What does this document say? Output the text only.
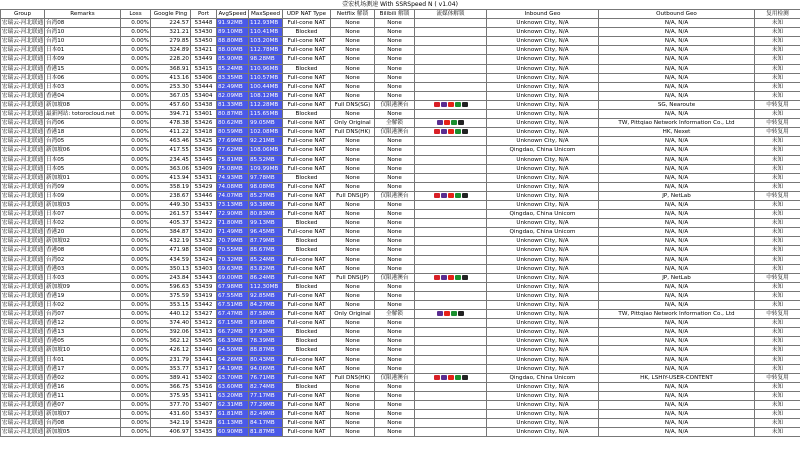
壹宏机场测速 With SSRSpeed N ( v1.04)
Group	Remarks	Loss	Google Ping	Port	AvgSpeed	MaxSpeed	UDP NAT Type	Netflix 解锁	Bilibili 解锁	流媒体解锁	Inbound Geo	Outbound Geo	复用检测
宏瑞云-河北联通	台湾08	0.00%	224.57	53448	91.92MB	112.93MB	Full-cone NAT	None	None		Unknown City, N/A	N/A, N/A	未知
宏瑞云-河北联通	台湾10	0.00%	321.21	53430	89.10MB	110.41MB	Blocked	None	None		Unknown City, N/A	N/A, N/A	未知
宏瑞云-河北联通	台湾10	0.00%	279.85	53450	88.80MB	103.20MB	Full-cone NAT	None	None		Unknown City, N/A	N/A, N/A	未知
宏瑞云-河北联通	日本01	0.00%	324.89	53421	88.00MB	112.78MB	Full-cone NAT	None	None		Unknown City, N/A	N/A, N/A	未知
宏瑞云-河北联通	日本09	0.00%	228.20	53449	85.90MB	98.28MB	Full-cone NAT	None	None		Unknown City, N/A	N/A, N/A	未知
宏瑞云-河北联通	香港15	0.00%	368.91	53415	85.24MB	110.96MB	Blocked	None	None		Unknown City, N/A	N/A, N/A	未知
宏瑞云-河北联通	日本06	0.00%	413.16	53406	83.35MB	110.57MB	Full-cone NAT	None	None		Unknown City, N/A	N/A, N/A	未知
宏瑞云-河北联通	日本03	0.00%	253.30	53444	82.49MB	100.44MB	Full-cone NAT	None	None		Unknown City, N/A	N/A, N/A	未知
宏瑞云-河北联通	香港04	0.00%	367.05	53404	82.09MB	108.12MB	Full-cone NAT	None	None		Unknown City, N/A	N/A, N/A	未知
宏瑞云-河北联通	新加坡08	0.00%	457.60	53438	81.33MB	112.28MB	Full-cone NAT	Full DNS(SG)	仅限港澳台		Unknown City, N/A	SG, Nearoute	中转复用
宏瑞云-河北联通	最新网站: totorocloud.net	0.00%	394.71	53401	80.87MB	115.65MB	Blocked	None	None		Unknown City, N/A	N/A, N/A	未知
宏瑞云-河北联通	台湾06	0.00%	478.38	53426	80.62MB	99.05MB	Full-cone NAT	Only Original	全解锁		Unknown City, N/A	TW, Pittqiao Network Information Co., Ltd	中转复用
宏瑞云-河北联通	香港18	0.00%	411.22	53418	80.59MB	102.08MB	Full-cone NAT	Full DNS(HK)	仅限港澳台		Unknown City, N/A	HK, Nexet	中转复用
宏瑞云-河北联通	台湾05	0.00%	463.46	53425	77.69MB	92.21MB	Full-cone NAT	None	None		Unknown City, N/A	N/A, N/A	未知
宏瑞云-河北联通	新加坡06	0.00%	417.55	53436	77.62MB	108.06MB	Full-cone NAT	None	None		Qingdao, China Unicom	N/A, N/A	未知
宏瑞云-河北联通	日本05	0.00%	234.45	53445	75.81MB	85.52MB	Full-cone NAT	None	None		Unknown City, N/A	N/A, N/A	未知
宏瑞云-河北联通	日本05	0.00%	363.06	53409	75.08MB	109.99MB	Full-cone NAT	None	None		Unknown City, N/A	N/A, N/A	未知
宏瑞云-河北联通	新加坡01	0.00%	413.94	53431	74.93MB	97.78MB	Blocked	None	None		Unknown City, N/A	N/A, N/A	未知
宏瑞云-河北联通	台湾09	0.00%	358.19	53429	74.08MB	98.08MB	Full-cone NAT	None	None		Unknown City, N/A	N/A, N/A	未知
宏瑞云-河北联通	日本09	0.00%	238.67	53446	74.07MB	85.27MB	Full-cone NAT	Full DNS(JP)	仅限港澳台		Unknown City, N/A	JP, NetLab	中转复用
宏瑞云-河北联通	新加坡03	0.00%	449.30	53433	73.13MB	93.38MB	Full-cone NAT	None	None		Unknown City, N/A	N/A, N/A	未知
宏瑞云-河北联通	日本07	0.00%	261.57	53447	72.90MB	80.83MB	Full-cone NAT	None	None		Qingdao, China Unicom	N/A, N/A	未知
宏瑞云-河北联通	日本02	0.00%	405.37	53422	71.80MB	99.13MB	Blocked	None	None		Unknown City, N/A	N/A, N/A	未知
宏瑞云-河北联通	香港20	0.00%	384.87	53420	71.49MB	96.45MB	Full-cone NAT	None	None		Qingdao, China Unicom	N/A, N/A	未知
宏瑞云-河北联通	新加坡02	0.00%	432.19	53432	70.79MB	87.79MB	Blocked	None	None		Unknown City, N/A	N/A, N/A	未知
宏瑞云-河北联通	香港08	0.00%	471.98	53408	70.55MB	88.67MB	Blocked	None	None		Unknown City, N/A	N/A, N/A	未知
宏瑞云-河北联通	台湾02	0.00%	434.59	53424	70.32MB	85.24MB	Full-cone NAT	None	None		Unknown City, N/A	N/A, N/A	未知
宏瑞云-河北联通	香港03	0.00%	350.13	53403	69.63MB	83.82MB	Full-cone NAT	None	None		Unknown City, N/A	N/A, N/A	未知
宏瑞云-河北联通	日本03	0.00%	243.84	53443	69.00MB	86.24MB	Full-cone NAT	Full DNS(JP)	仅限港澳台		Unknown City, N/A	JP, NetLab	中转复用
宏瑞云-河北联通	新加坡09	0.00%	596.63	53439	67.98MB	112.30MB	Blocked	None	None		Unknown City, N/A	N/A, N/A	未知
宏瑞云-河北联通	香港19	0.00%	375.59	53419	67.55MB	92.85MB	Full-cone NAT	None	None		Unknown City, N/A	N/A, N/A	未知
宏瑞云-河北联通	日本02	0.00%	353.15	53442	67.51MB	84.27MB	Full-cone NAT	None	None		Unknown City, N/A	N/A, N/A	未知
宏瑞云-河北联通	台湾07	0.00%	440.12	53427	67.47MB	87.58MB	Full-cone NAT	Only Original	全解锁		Unknown City, N/A	TW, Pittqiao Network Information Co., Ltd	中转复用
宏瑞云-河北联通	香港12	0.00%	374.40	53412	67.15MB	89.88MB	Full-cone NAT	None	None		Unknown City, N/A	N/A, N/A	未知
宏瑞云-河北联通	香港13	0.00%	392.06	53413	66.72MB	97.93MB	Blocked	None	None		Unknown City, N/A	N/A, N/A	未知
宏瑞云-河北联通	香港05	0.00%	362.12	53405	66.33MB	78.39MB	Blocked	None	None		Unknown City, N/A	N/A, N/A	未知
宏瑞云-河北联通	新加坡10	0.00%	426.12	53440	64.50MB	88.87MB	Blocked	None	None		Unknown City, N/A	N/A, N/A	未知
宏瑞云-河北联通	日本01	0.00%	231.79	53441	64.26MB	80.43MB	Full-cone NAT	None	None		Unknown City, N/A	N/A, N/A	未知
宏瑞云-河北联通	香港17	0.00%	353.77	53417	64.19MB	94.06MB	Full-cone NAT	None	None		Unknown City, N/A	N/A, N/A	未知
宏瑞云-河北联通	香港02	0.00%	389.41	53402	63.70MB	76.71MB	Full-cone NAT	Full DNS(HK)	仅限港澳台		Qingdao, China Unicom	HK, LSHIY-USER-CONTENT	中转复用
宏瑞云-河北联通	香港16	0.00%	366.75	53416	63.60MB	82.74MB	Blocked	None	None		Unknown City, N/A	N/A, N/A	未知
宏瑞云-河北联通	香港11	0.00%	375.95	53411	63.20MB	77.17MB	Full-cone NAT	None	None		Unknown City, N/A	N/A, N/A	未知
宏瑞云-河北联通	香港07	0.00%	377.70	53407	62.31MB	77.29MB	Full-cone NAT	None	None		Unknown City, N/A	N/A, N/A	未知
宏瑞云-河北联通	新加坡07	0.00%	431.60	53437	61.81MB	82.49MB	Full-cone NAT	None	None		Unknown City, N/A	N/A, N/A	未知
宏瑞云-河北联通	台湾08	0.00%	342.19	53428	61.13MB	84.17MB	Full-cone NAT	None	None		Unknown City, N/A	N/A, N/A	未知
宏瑞云-河北联通	新加坡05	0.00%	406.97	53435	60.90MB	81.87MB	Full-cone NAT	None	None		Unknown City, N/A	N/A, N/A	未知
